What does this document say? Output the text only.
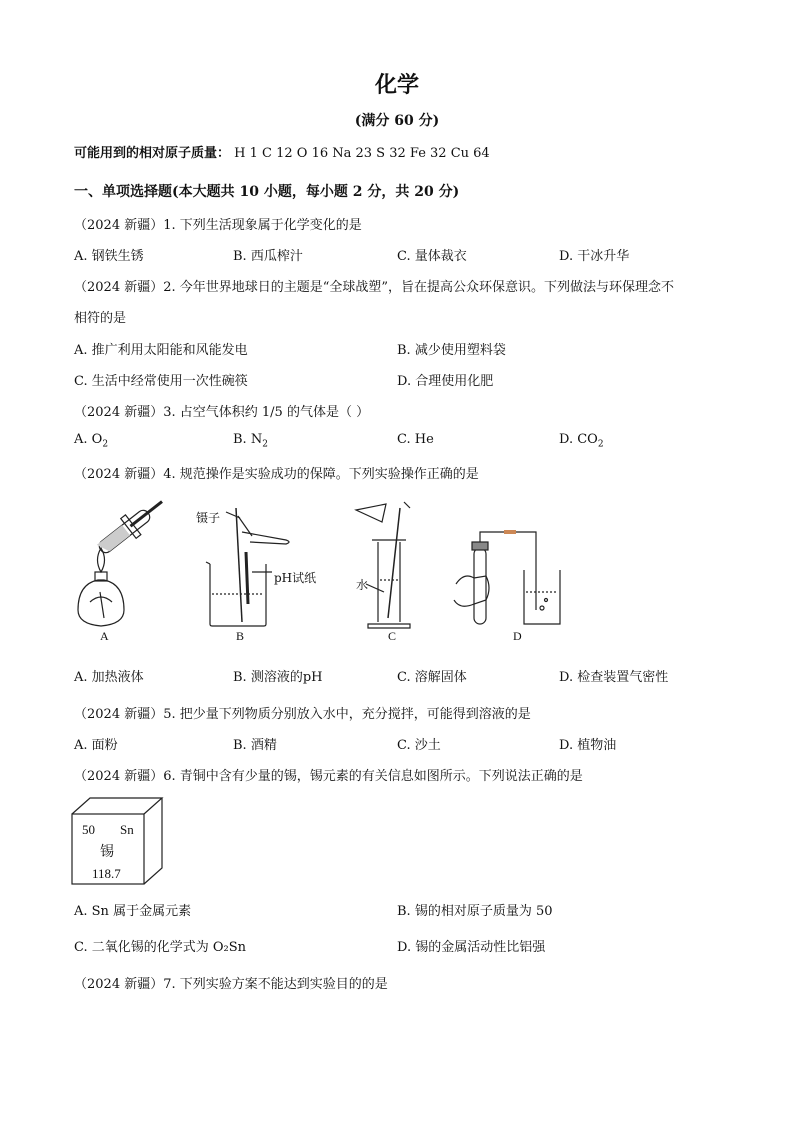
化学
(满分 60 分)
可能用到的相对原子质量： H 1 C 12 O 16 Na 23 S 32 Fe 32 Cu 64
一、单项选择题(本大题共 10 小题，每小题 2 分，共 20 分)
（2024 新疆）1. 下列生活现象属于化学变化的是
A. 钢铁生锈	B. 西瓜榨汁	C. 量体裁衣	D. 干冰升华
（2024 新疆）2. 今年世界地球日的主题是“全球战塑”，旨在提高公众环保意识。下列做法与环保理念不
相符的是
A. 推广利用太阳能和风能发电	B. 减少使用塑料袋
C. 生活中经常使用一次性碗筷	D. 合理使用化肥
（2024 新疆）3. 占空气体积约 1/5 的气体是（ ）
A. $O_2$	B. $N_2$	C. He	D. $CO_2$
（2024 新疆）4. 规范操作是实验成功的保障。下列实验操作正确的是
A	B	C	D
镊子
pH试纸	水
A. 加热液体	B. 测溶液的pH	C. 溶解固体	D. 检查装置气密性
（2024 新疆）5. 把少量下列物质分别放入水中，充分搅拌，可能得到溶液的是
A. 面粉	B. 酒精	C. 沙土	D. 植物油
（2024 新疆）6. 青铜中含有少量的锡，锡元素的有关信息如图所示。下列说法正确的是
50 Sn
锡
118.7
A. Sn 属于金属元素	B. 锡的相对原子质量为 50
C. 二氧化锡的化学式为 O₂Sn	D. 锡的金属活动性比铝强
（2024 新疆）7. 下列实验方案不能达到实验目的的是
